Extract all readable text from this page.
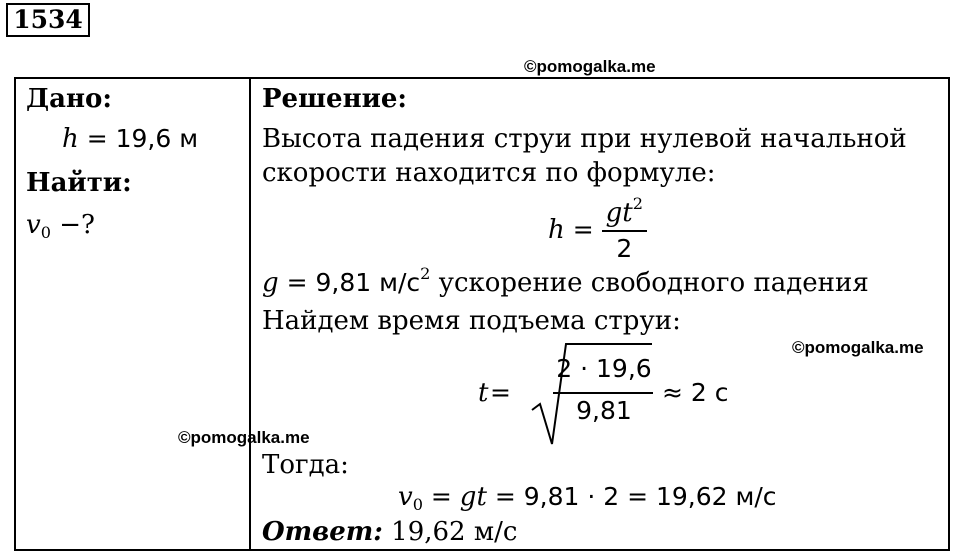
1534
©pomogalka.me
Дано:
h = 19,6 м
Найти:
$v_0$ −?
©pomogalka.me
©pomogalka.me
Решение:
Высота падения струи при нулевой начальной
скорости находится по формуле:
$h = \frac{gt^2}{2}$
g = 9,81 $м/с^2$ ускорение свободного падения
Найдем время подъема струи:
t =
2 · 19,6
9,81
≈ 2 с
Тогда:
$v_0$ = gt = 9,81 · 2 = 19,62 м/с
Ответ: 19,62 м/с
